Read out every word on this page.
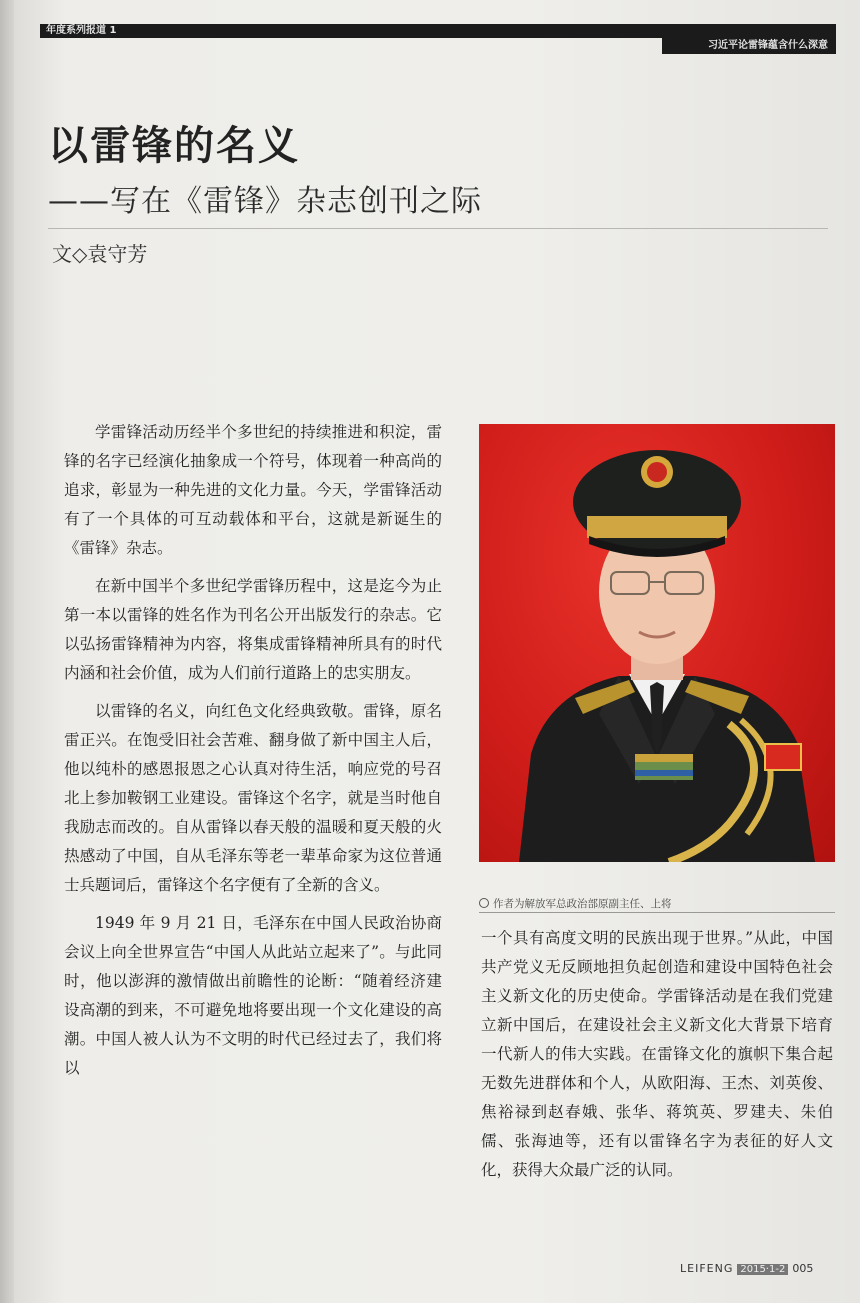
年度系列报道 1
习近平论雷锋蕴含什么深意
以雷锋的名义
——写在《雷锋》杂志创刊之际
文◇袁守芳

学雷锋活动历经半个多世纪的持续推进和积淀，雷锋的名字已经演化抽象成一个符号，体现着一种高尚的追求，彰显为一种先进的文化力量。今天，学雷锋活动有了一个具体的可互动载体和平台，这就是新诞生的《雷锋》杂志。

在新中国半个多世纪学雷锋历程中，这是迄今为止第一本以雷锋的姓名作为刊名公开出版发行的杂志。它以弘扬雷锋精神为内容，将集成雷锋精神所具有的时代内涵和社会价值，成为人们前行道路上的忠实朋友。

以雷锋的名义，向红色文化经典致敬。雷锋，原名雷正兴。在饱受旧社会苦难、翻身做了新中国主人后，他以纯朴的感恩报恩之心认真对待生活，响应党的号召北上参加鞍钢工业建设。雷锋这个名字，就是当时他自我励志而改的。自从雷锋以春天般的温暖和夏天般的火热感动了中国，自从毛泽东等老一辈革命家为这位普通士兵题词后，雷锋这个名字便有了全新的含义。

1949 年 9 月 21 日，毛泽东在中国人民政治协商会议上向全世界宣告“中国人从此站立起来了”。与此同时，他以澎湃的激情做出前瞻性的论断：“随着经济建设高潮的到来，不可避免地将要出现一个文化建设的高潮。中国人被人认为不文明的时代已经过去了，我们将以

作者为解放军总政治部原副主任、上将

一个具有高度文明的民族出现于世界。”从此，中国共产党义无反顾地担负起创造和建设中国特色社会主义新文化的历史使命。学雷锋活动是在我们党建立新中国后，在建设社会主义新文化大背景下培育一代新人的伟大实践。在雷锋文化的旗帜下集合起无数先进群体和个人，从欧阳海、王杰、刘英俊、焦裕禄到赵春娥、张华、蒋筑英、罗建夫、朱伯儒、张海迪等，还有以雷锋名字为表征的好人文化，获得大众最广泛的认同。

LEIFENG 2015·1-2 005
